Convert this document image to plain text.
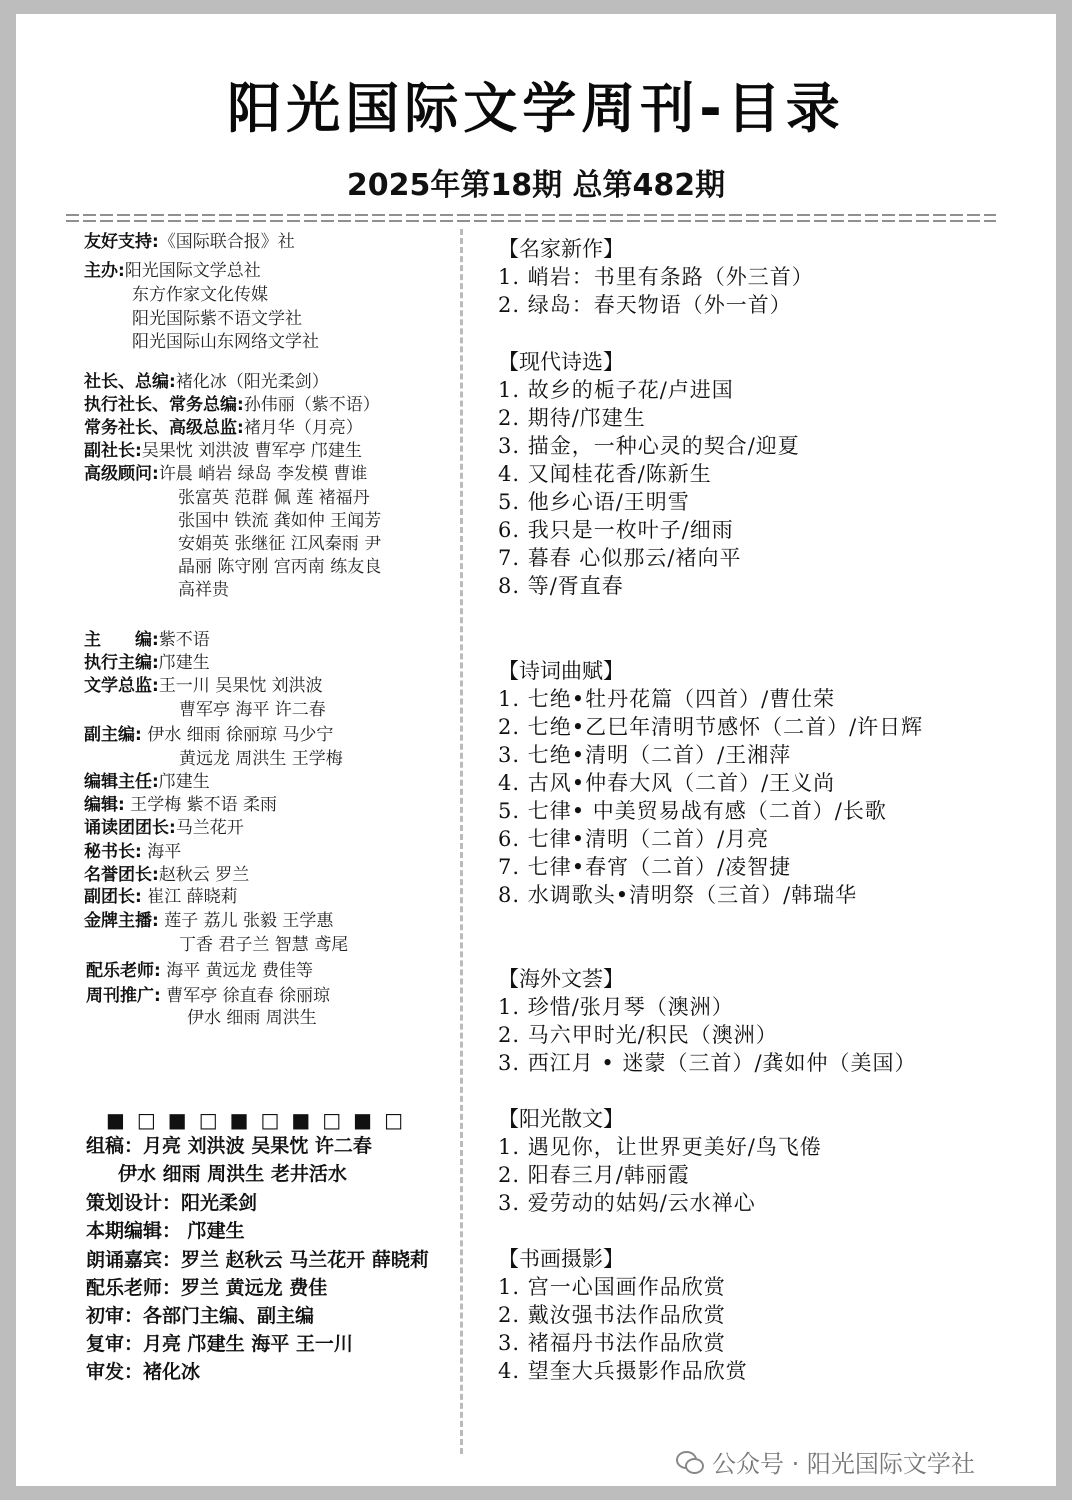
阳光国际文学周刊-目录
2025年第18期 总第482期
友好支持:《国际联合报》社
主办:阳光国际文学总社
东方作家文化传媒
阳光国际紫不语文学社
阳光国际山东网络文学社
社长、总编:褚化冰（阳光柔剑）
执行社长、常务总编:孙伟丽（紫不语）
常务社长、高级总监:褚月华（月亮）
副社长:吴果忱 刘洪波 曹军亭 邝建生
高级顾问:许晨 峭岩 绿岛 李发模 曹谁
张富英 范群 佩 莲 褚福丹
张国中 铁流 龚如仲 王闻芳
安娟英 张继征 江风秦雨 尹
晶丽 陈守刚 宫丙南 练友良
高祥贵
主　　编:紫不语
执行主编:邝建生
文学总监:王一川 吴果忱 刘洪波
曹军亭 海平 许二春
副主编: 伊水 细雨 徐丽琼 马少宁
黄远龙 周洪生 王学梅
编辑主任:邝建生
编辑: 王学梅 紫不语 柔雨
诵读团团长:马兰花开
秘书长: 海平
名誉团长:赵秋云 罗兰
副团长: 崔江 薛晓莉
金牌主播: 莲子 荔儿 张毅 王学惠
丁香 君子兰 智慧 鸢尾
配乐老师: 海平 黄远龙 费佳等
周刊推广: 曹军亭 徐直春 徐丽琼
伊水 细雨 周洪生
■□■□■□■□■□
组稿：月亮 刘洪波 吴果忱 许二春
伊水 细雨 周洪生 老井活水
策划设计：阳光柔剑
本期编辑： 邝建生
朗诵嘉宾：罗兰 赵秋云 马兰花开 薛晓莉
配乐老师：罗兰 黄远龙 费佳
初审：各部门主编、副主编
复审：月亮 邝建生 海平 王一川
审发：褚化冰
【名家新作】
1. 峭岩：书里有条路（外三首）
2. 绿岛：春天物语（外一首）
【现代诗选】
1. 故乡的栀子花/卢进国
2. 期待/邝建生
3. 描金，一种心灵的契合/迎夏
4. 又闻桂花香/陈新生
5. 他乡心语/王明雪
6. 我只是一枚叶子/细雨
7. 暮春 心似那云/褚向平
8. 等/胥直春
【诗词曲赋】
1. 七绝•牡丹花篇（四首）/曹仕荣
2. 七绝•乙巳年清明节感怀（二首）/许日辉
3. 七绝•清明（二首）/王湘萍
4. 古风•仲春大风（二首）/王义尚
5. 七律• 中美贸易战有感（二首）/长歌
6. 七律•清明（二首）/月亮
7. 七律•春宵（二首）/凌智捷
8. 水调歌头•清明祭（三首）/韩瑞华
【海外文荟】
1. 珍惜/张月琴（澳洲）
2. 马六甲时光/积民（澳洲）
3. 西江月 • 迷蒙（三首）/龚如仲（美国）
【阳光散文】
1. 遇见你，让世界更美好/鸟飞倦
2. 阳春三月/韩丽霞
3. 爱劳动的姑妈/云水禅心
【书画摄影】
1. 宫一心国画作品欣赏
2. 戴汝强书法作品欣赏
3. 褚福丹书法作品欣赏
4. 望奎大兵摄影作品欣赏
公众号 · 阳光国际文学社
